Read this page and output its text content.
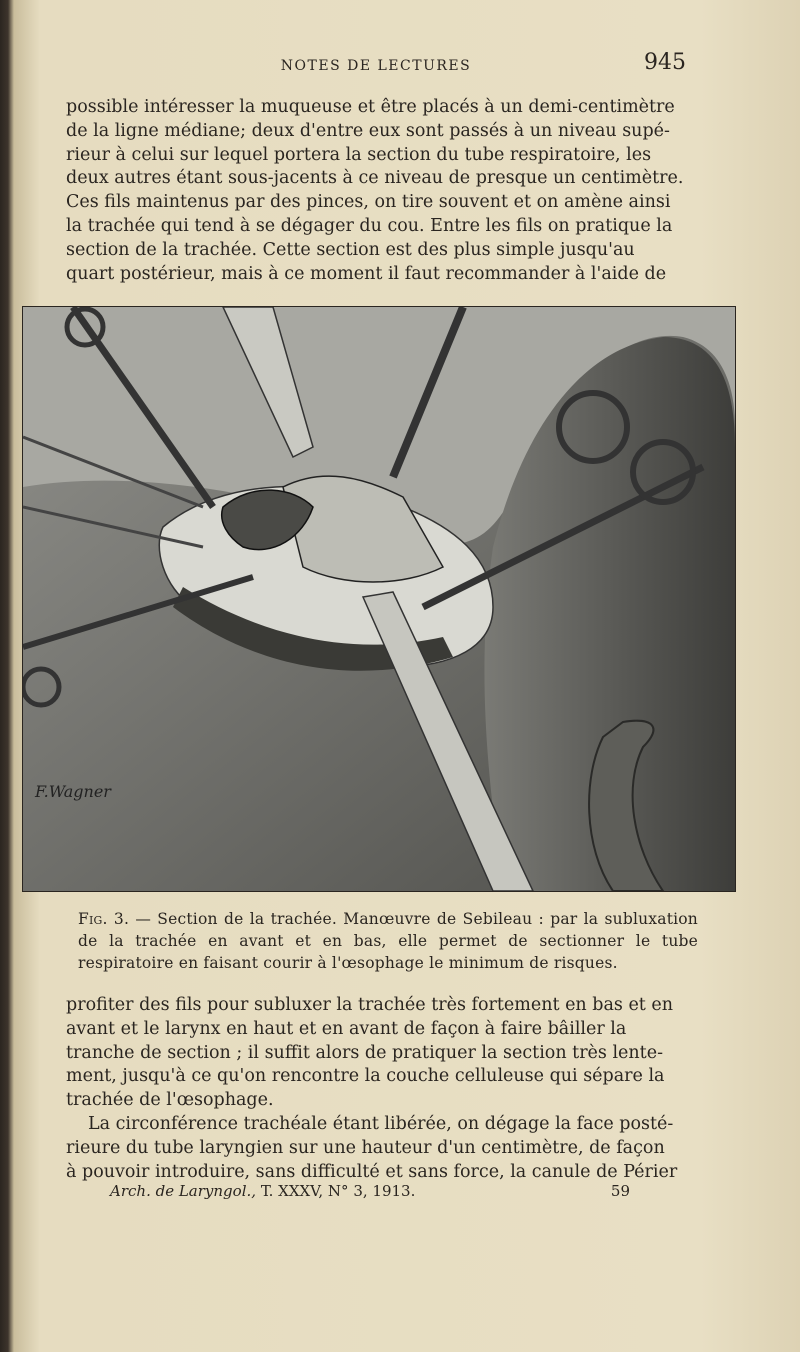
NOTES DE LECTURES	945

possible intéresser la muqueuse et être placés à un demi-centimètre

de la ligne médiane; deux d'entre eux sont passés à un niveau supé-

rieur à celui sur lequel portera la section du tube respiratoire, les

deux autres étant sous-jacents à ce niveau de presque un centimètre.

Ces fils maintenus par des pinces, on tire souvent et on amène ainsi

la trachée qui tend à se dégager du cou. Entre les fils on pratique la

section de la trachée. Cette section est des plus simple jusqu'au

quart postérieur, mais à ce moment il faut recommander à l'aide de

F.Wagner
Fig. 3. — Section de la trachée. Manœuvre de Sebileau : par la subluxation de la trachée en avant et en bas, elle permet de sectionner le tube respiratoire en faisant courir à l'œsophage le minimum de risques.

profiter des fils pour subluxer la trachée très fortement en bas et en

avant et le larynx en haut et en avant de façon à faire bâiller la

tranche de section ; il suffit alors de pratiquer la section très lente-

ment, jusqu'à ce qu'on rencontre la couche celluleuse qui sépare la

trachée de l'œsophage.

La circonférence trachéale étant libérée, on dégage la face posté-

rieure du tube laryngien sur une hauteur d'un centimètre, de façon

à pouvoir introduire, sans difficulté et sans force, la canule de Périer

Arch. de Laryngol., T. XXXV, N° 3, 1913.	59
